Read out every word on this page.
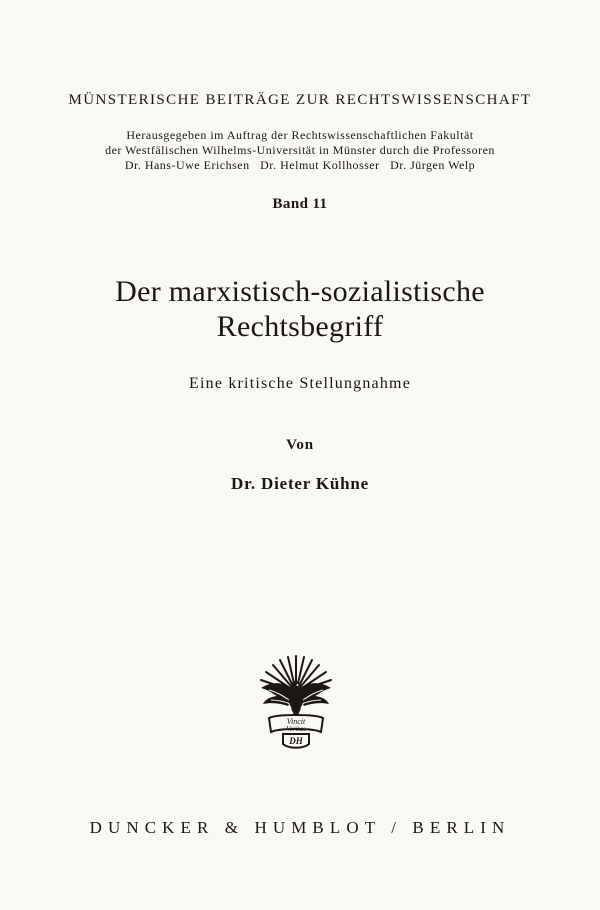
MÜNSTERISCHE BEITRÄGE ZUR RECHTSWISSENSCHAFT
Herausgegeben im Auftrag der Rechtswissenschaftlichen Fakultät
der Westfälischen Wilhelms-Universität in Münster durch die Professoren
Dr. Hans-Uwe Erichsen   Dr. Helmut Kollhosser   Dr. Jürgen Welp
Band 11
Der marxistisch-sozialistische
Rechtsbegriff
Eine kritische Stellungnahme
Von
Dr. Dieter Kühne
Vincit
Veritas
DH
DUNCKER & HUMBLOT / BERLIN
